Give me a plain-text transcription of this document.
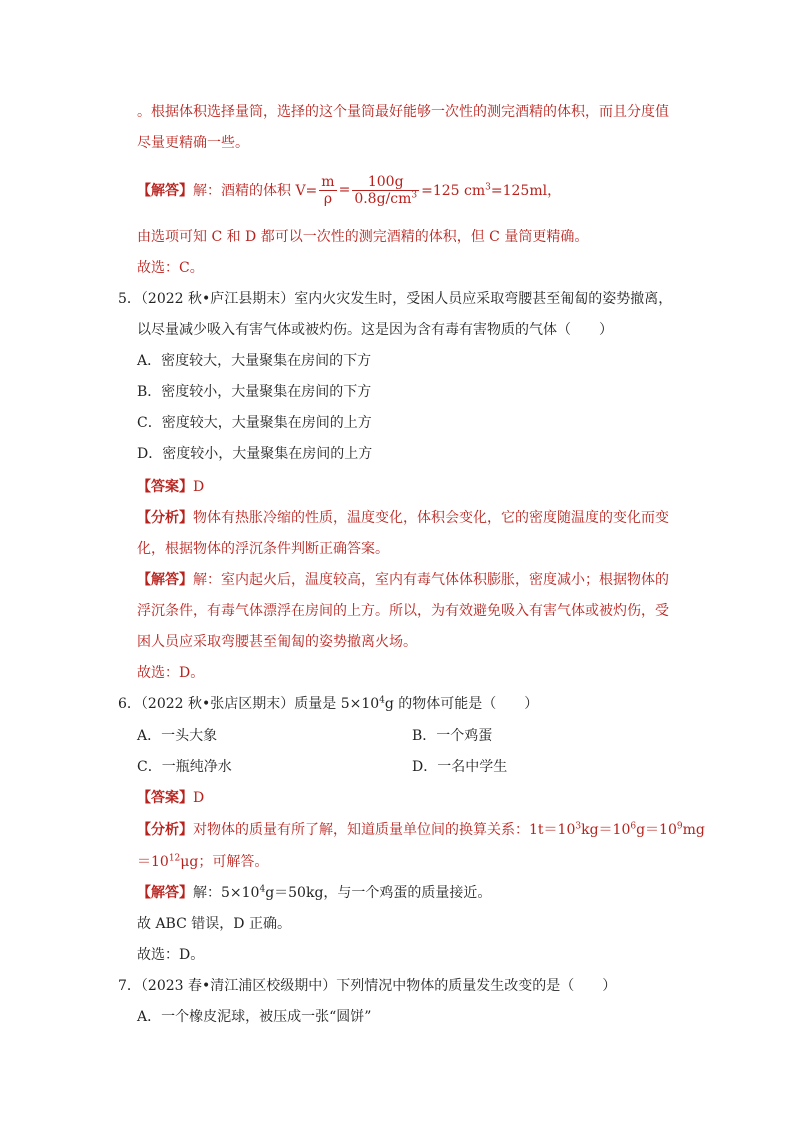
。根据体积选择量筒，选择的这个量筒最好能够一次性的测完酒精的体积，而且分度值
尽量更精确一些。
【解答】 解： 酒精的体积 $V= \frac{m}{\rho} = \frac{100g}{0.8g/cm^3} =125$ $cm^3=125ml$，
由选项可知 C 和 D 都可以一次性的测完酒精的体积，但 C 量筒更精确。
故选：C。
5．（2022 秋•庐江县期末）室内火灾发生时，受困人员应采取弯腰甚至匍匐的姿势撤离，
以尽量减少吸入有害气体或被灼伤。这是因为含有毒有害物质的气体（　　）
A．密度较大，大量聚集在房间的下方
B．密度较小，大量聚集在房间的下方
C．密度较大，大量聚集在房间的上方
D．密度较小，大量聚集在房间的上方
【答案】D
【分析】物体有热胀冷缩的性质，温度变化，体积会变化，它的密度随温度的变化而变
化，根据物体的浮沉条件判断正确答案。
【解答】解：室内起火后，温度较高，室内有毒气体体积膨胀，密度减小；根据物体的
浮沉条件，有毒气体漂浮在房间的上方。所以，为有效避免吸入有害气体或被灼伤，受
困人员应采取弯腰甚至匍匐的姿势撤离火场。
故选：D。
6．（2022 秋•张店区期末）质量是 $5\times 10^4g$ 的物体可能是（　　）
A．一头大象	B．一个鸡蛋
C．一瓶纯净水	D．一名中学生
【答案】D
【分析】对物体的质量有所了解，知道质量单位间的换算关系：$1t=10^3kg=10^6g=10^9mg$
$=10^{12}\mu g$；可解答。
【解答】解：$5\times 10^4g=50kg$，与一个鸡蛋的质量接近。
故 ABC 错误，D 正确。
故选：D。
7．（2023 春•清江浦区校级期中）下列情况中物体的质量发生改变的是（　　）
A．一个橡皮泥球，被压成一张“圆饼”
